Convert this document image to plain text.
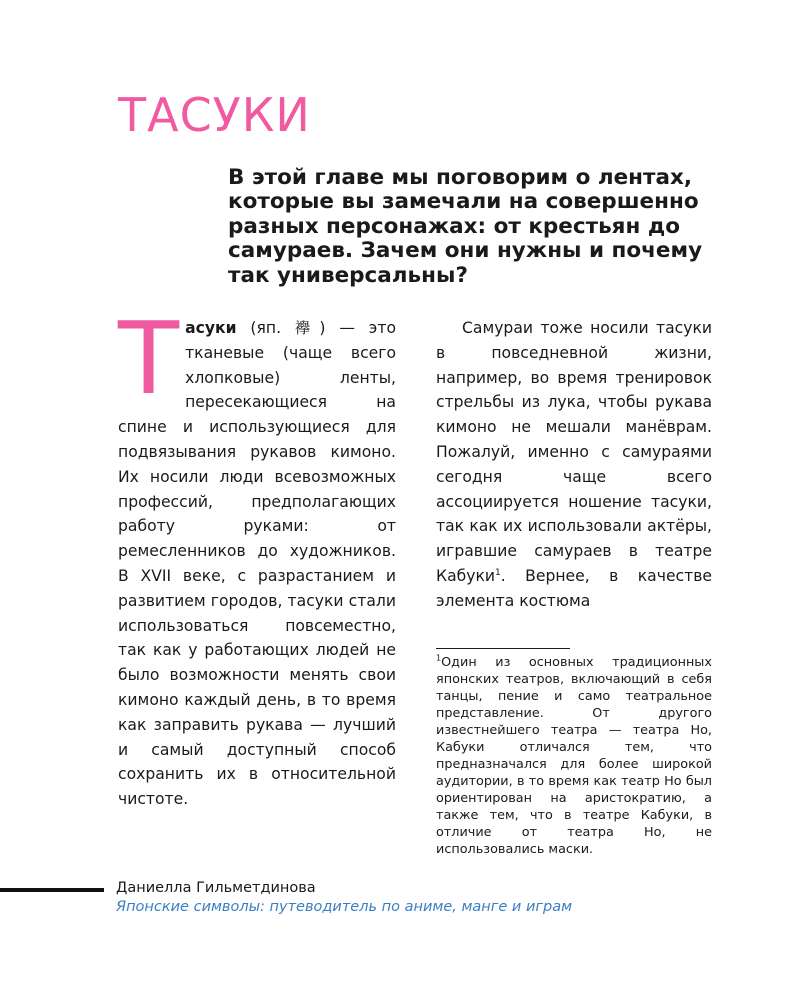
ТАСУКИ

В этой главе мы поговорим о лентах, которые вы замечали на совершенно разных персонажах: от крестьян до самураев. Зачем они нужны и почему так универсальны?

Тасуки (яп. 襷) — это тканевые (чаще всего хлопковые) ленты, пересекающиеся на спине и использующиеся для подвязывания рукавов кимоно. Их носили люди всевозможных профессий, предполагающих работу руками: от ремесленников до художников. В XVII веке, с разрастанием и развитием городов, тасуки стали использоваться повсеместно, так как у работающих людей не было возможности менять свои кимоно каждый день, в то время как заправить рукава — лучший и самый доступный способ сохранить их в относительной чистоте.

Самураи тоже носили тасуки в повседневной жизни, например, во время тренировок стрельбы из лука, чтобы рукава кимоно не мешали манёврам. Пожалуй, именно с самураями сегодня чаще всего ассоциируется ношение тасуки, так как их использовали актёры, игравшие самураев в театре Кабуки$^1$. Вернее, в качестве элемента костюма

$^1$Один из основных традиционных японских театров, включающий в себя танцы, пение и само театральное представление. От другого известнейшего театра — театра Но, Кабуки отличался тем, что предназначался для более широкой аудитории, в то время как театр Но был ориентирован на аристократию, а также тем, что в театре Кабуки, в отличие от театра Но, не использовались маски.

Даниелла Гильметдинова

Японские символы: путеводитель по аниме, манге и играм
